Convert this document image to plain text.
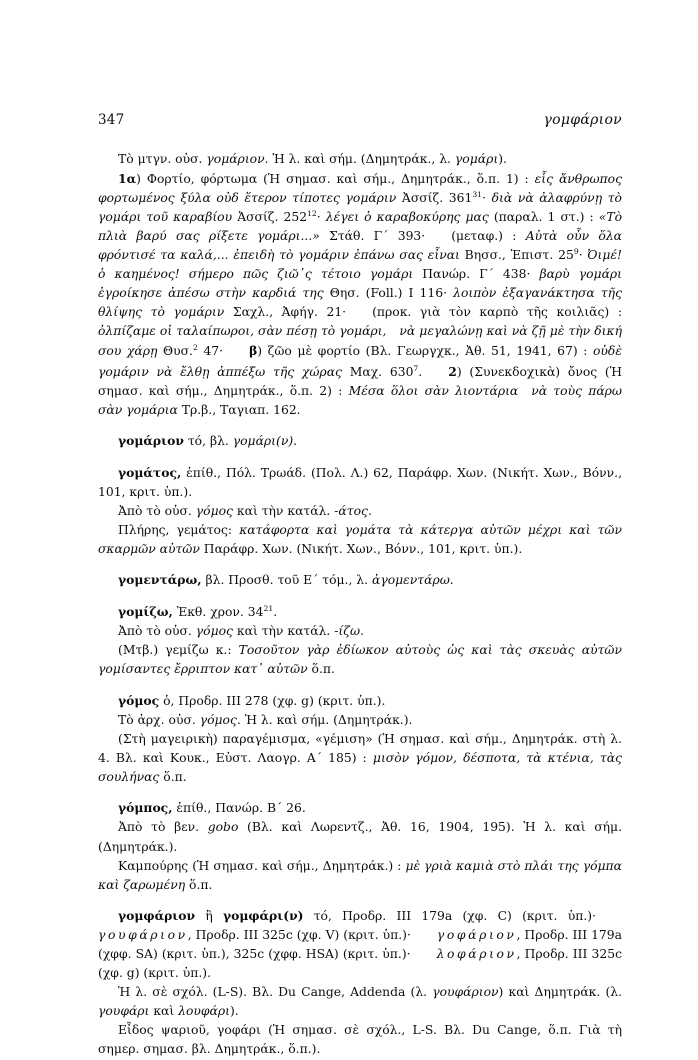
347	γομφάριον

Τὸ μτγν. οὐσ. γομάριον. Ἡ λ. καὶ σήμ. (Δημητράκ., λ. γομάρι).

1α) Φορτίο, φόρτωμα (Ἡ σημασ. καὶ σήμ., Δημητράκ., ὅ.π. 1) : εἷς ἄνθρωπος φορτωμένος ξύλα οὐδ ἕτερον τίποτες γομάριν Ἀσσίζ. $361^{31}\cdot$ διὰ νὰ ἀλαφρύνῃ τὸ γομάρι τοῦ καραβίου Ἀσσίζ. $252^{12}\cdot \lambda έ\gamma\varepsilon\iota$ ὁ καραβοκύρης μας (παραλ. 1 στ.) : «Τὸ πλιὰ βαρύ σας ρίξετε γομάρι...» Στάθ. Γ΄ 393· (μεταφ.) : Αὐτὰ οὖν ὅλα φρόντισέ τα καλά,... ἐπειδὴ τὸ γομάριν ἐπάνω σας εἶναι Βησσ., Ἐπιστ. $25^9\cdot$ Ὀιμέ! ὁ καημένος! σήμερο πῶς ζιῶ᾿ς τέτοιο γομάρι Πανώρ. Γ΄ 438· βαρὺ γομάρι ἐγροίκησε ἀπέσω στὴν καρδιά της Θησ. (Foll.) Ι 116· λοιπὸν ἐξαγανάκτησα τῆς θλίψης τὸ γομάριν Σαχλ., Ἀφήγ. 21· (προκ. γιὰ τὸν καρπὸ τῆς κοιλιᾶς) : ὀλπίζαμε οἱ ταλαίπωροι, σὰν πέσῃ τὸ γομάρι, νὰ μεγαλώνῃ καὶ νὰ ζῇ μὲ τὴν δική σου χάρῃ Θυσ.$^2$ 47· β) ζῶο μὲ φορτίο (Βλ. Γεωργχκ., Ἀθ. 51, 1941, 67) : οὐδὲ γομάριν νὰ ἔλθῃ ἀππέξω τῆς χώρας Μαχ. $630^7$. 2) (Συνεκδοχικὰ) ὄνος (Ἡ σημασ. καὶ σήμ., Δημητράκ., ὅ.π. 2) : Μέσα ὅλοι σὰν λιοντάρια νὰ τοὺς πάρω σὰν γομάρια Τρ.β., Ταγιαπ. 162.

γομάριον τό, βλ. γομάρι(ν).

γομάτος, ἐπίθ., Πόλ. Τρωάδ. (Πολ. Λ.) 62, Παράφρ. Χων. (Νικήτ. Χων., Βόνν., 101, κριτ. ὑπ.).

Ἀπὸ τὸ οὐσ. γόμος καὶ τὴν κατάλ. -άτος.

Πλήρης, γεμάτος: κατάφορτα καὶ γομάτα τὰ κάτεργα αὐτῶν μέχρι καὶ τῶν σκαρμῶν αὐτῶν Παράφρ. Χων. (Νικήτ. Χων., Βόνν., 101, κριτ. ὑπ.).

γομεντάρω, βλ. Προσθ. τοῦ Ε΄ τόμ., λ. ἀγομεντάρω.

γομίζω, Ἐκθ. χρον. $34^{21}$.

Ἀπὸ τὸ οὐσ. γόμος καὶ τὴν κατάλ. -ίζω.

(Μτβ.) γεμίζω κ.: Τοσοῦτον γὰρ ἐδίωκον αὐτοὺς ὡς καὶ τὰς σκευὰς αὐτῶν γομίσαντες ἔρριπτον κατ᾿ αὐτῶν ὅ.π.

γόμος ὁ, Προδρ. ΙΙΙ 278 (χφ. g) (κριτ. ὑπ.).

Τὸ ἀρχ. οὐσ. γόμος. Ἡ λ. καὶ σήμ. (Δημητράκ.).

(Στὴ μαγειρικὴ) παραγέμισμα, «γέμιση» (Ἡ σημασ. καὶ σήμ., Δημητράκ. στὴ λ. 4. Βλ. καὶ Κουκ., Εὐστ. Λαογρ. Α΄ 185) : μισὸν γόμον, δέσποτα, τὰ κτένια, τὰς σουλήνας ὅ.π.

γόμπος, ἐπίθ., Πανώρ. Β΄ 26.

Ἀπὸ τὸ βεν. gobo (Βλ. καὶ Λωρεντζ., Ἀθ. 16, 1904, 195). Ἡ λ. καὶ σήμ. (Δημητράκ.).

Καμπούρης (Ἡ σημασ. καὶ σήμ., Δημητράκ.) : μὲ γριὰ καμιὰ στὸ πλάι της γόμπα καὶ ζαρωμένη ὅ.π.

γομφάριον ἢ γομφάρι(ν) τό, Προδρ. ΙΙΙ 179a (χφ. C) (κριτ. ὑπ.)·γουφάριον, Προδρ. ΙΙΙ 325c (χφ. V) (κριτ. ὑπ.)· γοφάριον, Προδρ. ΙΙΙ 179a (χφφ. SA) (κριτ. ὑπ.), 325c (χφφ. HSA) (κριτ. ὑπ.)· λοφάριον, Προδρ. ΙΙΙ 325c (χφ. g) (κριτ. ὑπ.).

Ἡ λ. σὲ σχόλ. (L-S). Βλ. Du Cange, Addenda (λ. γουφάριον) καὶ Δημητράκ. (λ. γουφάρι καὶ λουφάρι).

Εἶδος ψαριοῦ, γοφάρι (Ἡ σημασ. σὲ σχόλ., L-S. Βλ. Du Cange, ὅ.π. Γιὰ τὴ σημερ. σημασ. βλ. Δημητράκ., ὅ.π.).
